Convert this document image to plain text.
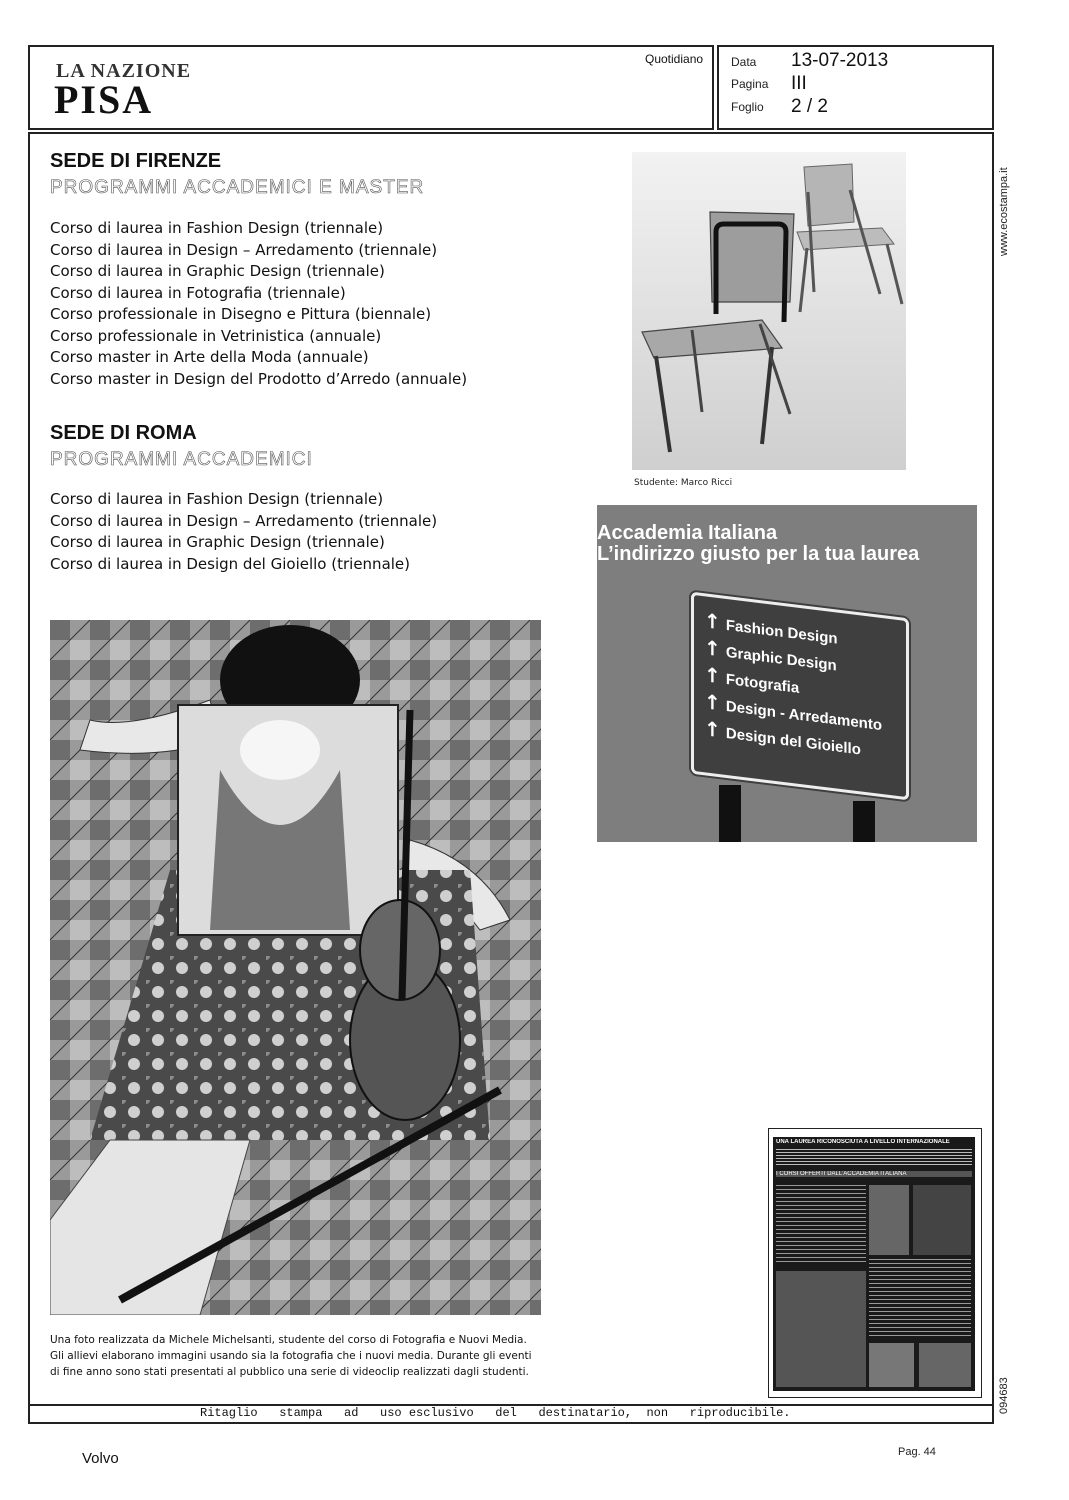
LA NAZIONE
PISA
Quotidiano Data 13-07-2013
Pagina III
Foglio 2 / 2
www.ecostampa.it
094683
SEDE DI FIRENZE
PROGRAMMI ACCADEMICI E MASTER
Corso di laurea in Fashion Design (triennale)
Corso di laurea in Design – Arredamento (triennale)
Corso di laurea in Graphic Design (triennale)
Corso di laurea in Fotografia (triennale)
Corso professionale in Disegno e Pittura (biennale)
Corso professionale in Vetrinistica (annuale)
Corso master in Arte della Moda (annuale)
Corso master in Design del Prodotto d’Arredo (annuale)
SEDE DI ROMA
PROGRAMMI ACCADEMICI
Corso di laurea in Fashion Design (triennale)
Corso di laurea in Design – Arredamento (triennale)
Corso di laurea in Graphic Design (triennale)
Corso di laurea in Design del Gioiello (triennale)
Studente: Marco Ricci
Accademia Italiana
L’indirizzo giusto per la tua laurea
↑ Fashion Design
↑ Graphic Design
↑ Fotografia
↑ Design - Arredamento
↑ Design del Gioiello
Una foto realizzata da Michele Michelsanti, studente del corso di Fotografia e Nuovi Media.
Gli allievi elaborano immagini usando sia la fotografia che i nuovi media. Durante gli eventi
di fine anno sono stati presentati al pubblico una serie di videoclip realizzati dagli studenti.
UNA LAUREA RICONOSCIUTA A LIVELLO INTERNAZIONALE
I CORSI OFFERTI DALL’ACCADEMIA ITALIANA
Ritaglio   stampa   ad   uso esclusivo   del   destinatario,  non   riproducibile.
Volvo	Pag. 44
